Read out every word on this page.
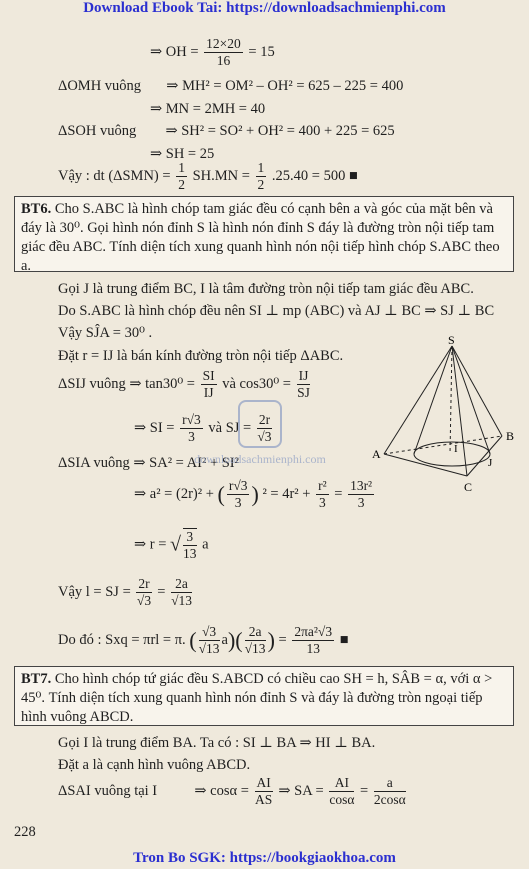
Download Ebook Tai: https://downloadsachmienphi.com
⇒ OH = $\frac{12\times 20}{16} = 15$
ΔOMH vuông ⇒ MH² = OM² – OH² = 625 – 225 = 400
⇒ MN = 2MH = 40
ΔSOH vuông ⇒ SH² = SO² + OH² = 400 + 225 = 625
⇒ SH = 25
Vậy : dt $(\Delta SMN) = \frac{1}{2} SH.MN = \frac{1}{2} .25.40 = 500$ ■
BT6. Cho S.ABC là hình chóp tam giác đều có cạnh bên a và góc của mặt bên và đáy là 30⁰. Gọi hình nón đỉnh S là hình nón đỉnh S đáy là đường tròn nội tiếp tam giác đều ABC. Tính diện tích xung quanh hình nón nội tiếp hình chóp S.ABC theo a.
Gọi J là trung điểm BC, I là tâm đường tròn nội tiếp tam giác đều ABC.
Do S.ABC là hình chóp đều nên SI ⊥ mp (ABC) và AJ ⊥ BC ⇒ SJ ⊥ BC
Vậy SĴA = 30⁰ .
Đặt r = IJ là bán kính đường tròn nội tiếp ΔABC.
ΔSIJ vuông ⇒ $\tan 30^0 = \frac{SI}{IJ}$ và $\cos 30^0 = \frac{IJ}{SJ}$
⇒ SI = $\frac{r√3}{3}$ và SJ = $\frac{2r}{√3}$
ΔSIA vuông ⇒ SA² = AI² + SI²
⇒ a² = (2r)² + ( $\frac{r√3}{3}$ ) $^2 = 4r^2 + \frac{\text{r²}}{3} = \frac{\text{13r²}}{3}$
⇒ r = √ $\frac{3}{13}$ a
Vậy l = SJ = $\frac{2r}{√3} = \frac{2a}{√13}$
Do đó : Sxq = πrl = π. ( $\frac{√3}{√13} a)( \frac{2a}{√13}$ ) = $\frac{\text{2πa²√3}}{13}$ ■
S
A
B
C
I
J
downloadsachmienphi.com
BT7. Cho hình chóp tứ giác đều S.ABCD có chiều cao SH = h, SÂB = α, với α > 45⁰. Tính diện tích xung quanh hình nón đỉnh S và đáy là đường tròn ngoại tiếp hình vuông ABCD.
Gọi I là trung điểm BA. Ta có : SI ⊥ BA ⇒ HI ⊥ BA.
Đặt a là cạnh hình vuông ABCD.
ΔSAI vuông tại I	⇒ $\cos\alpha = \frac{AI}{AS}$ ⇒ SA = $\frac{AI}{\cos\alpha} = \frac{a}{2\cos\alpha}$
228
Tron Bo SGK: https://bookgiaokhoa.com
